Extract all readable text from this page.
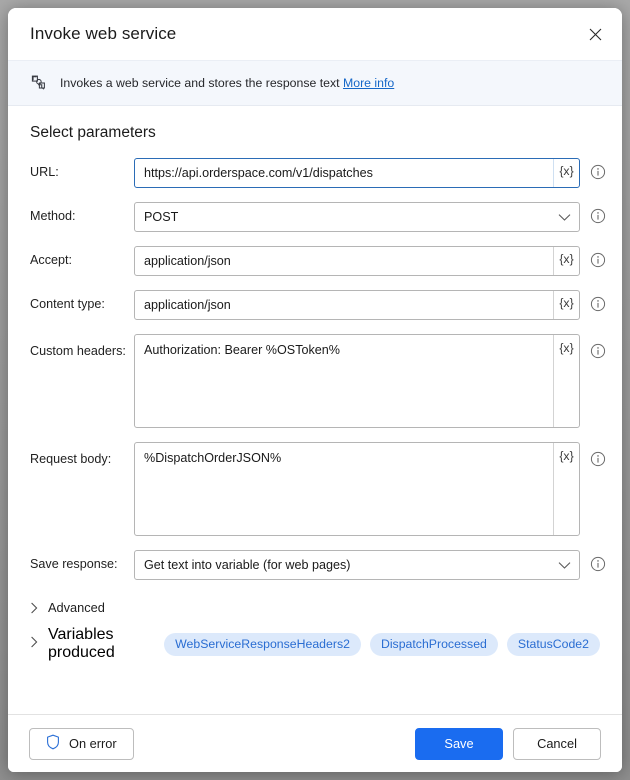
Invoke web service
Invokes a web service and stores the response text More info
Select parameters
URL:	https://api.orderspace.com/v1/dispatches	{x}
Method:	POST
Accept:	application/json	{x}
Content type:	application/json	{x}
Custom headers:	Authorization: Bearer %OSToken%	{x}
Request body:	%DispatchOrderJSON%	{x}
Save response:	Get text into variable (for web pages)
Advanced
Variables produced
WebServiceResponseHeaders2	DispatchProcessed	StatusCode2
On error	Save	Cancel
